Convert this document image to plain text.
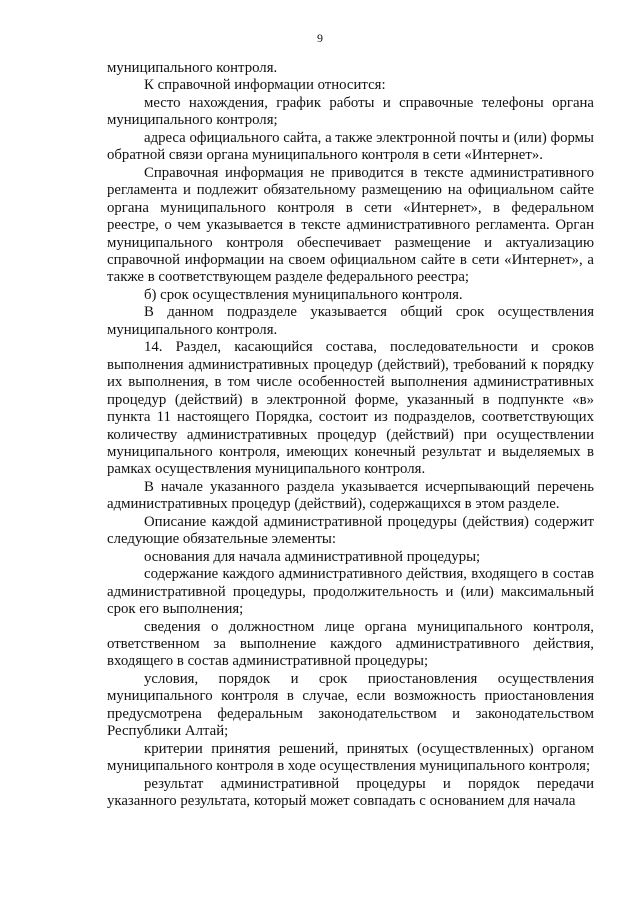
9

муниципального контроля.

К справочной информации относится:

место нахождения, график работы и справочные телефоны органа муниципального контроля;

адреса официального сайта, а также электронной почты и (или) формы обратной связи органа муниципального контроля в сети «Интернет».

Справочная информация не приводится в тексте административного регламента и подлежит обязательному размещению на официальном сайте органа муниципального контроля в сети «Интернет», в федеральном реестре, о чем указывается в тексте административного регламента. Орган муниципального контроля обеспечивает размещение и актуализацию справочной информации на своем официальном сайте в сети «Интернет», а также в соответствующем разделе федерального реестра;

б) срок осуществления муниципального контроля.

В данном подразделе указывается общий срок осуществления муниципального контроля.

14. Раздел, касающийся состава, последовательности и сроков выполнения административных процедур (действий), требований к порядку их выполнения, в том числе особенностей выполнения административных процедур (действий) в электронной форме, указанный в подпункте «в» пункта 11 настоящего Порядка, состоит из подразделов, соответствующих количеству административных процедур (действий) при осуществлении муниципального контроля, имеющих конечный результат и выделяемых в рамках осуществления муниципального контроля.

В начале указанного раздела указывается исчерпывающий перечень административных процедур (действий), содержащихся в этом разделе.

Описание каждой административной процедуры (действия) содержит следующие обязательные элементы:

основания для начала административной процедуры;

содержание каждого административного действия, входящего в состав административной процедуры, продолжительность и (или) максимальный срок его выполнения;

сведения о должностном лице органа муниципального контроля, ответственном за выполнение каждого административного действия, входящего в состав административной процедуры;

условия, порядок и срок приостановления осуществления муниципального контроля в случае, если возможность приостановления предусмотрена федеральным законодательством и законодательством Республики Алтай;

критерии принятия решений, принятых (осуществленных) органом муниципального контроля в ходе осуществления муниципального контроля;

результат административной процедуры и порядок передачи указанного результата, который может совпадать с основанием для начала
